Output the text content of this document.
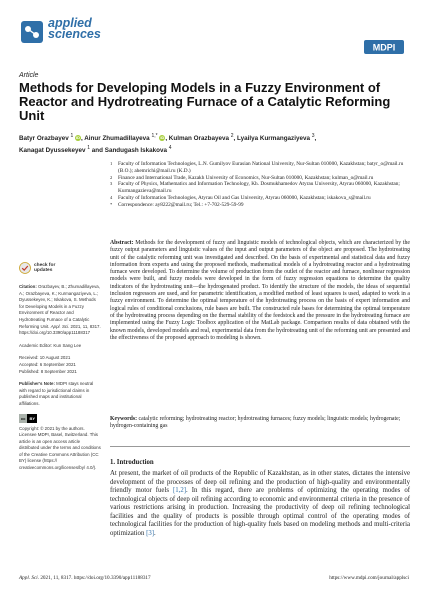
applied
sciences
MDPI
Article
Methods for Developing Models in a Fuzzy Environment of Reactor and Hydrotreating Furnace of a Catalytic Reforming Unit
Batyr Orazbayev $^1$ iD, Ainur Zhumadillayeva $^{1,*}$ iD, Kulman Orazbayeva $^2$, Lyailya Kurmangaziyeva $^3$,
Kanagat Dyussekeyev $^1$ and Sandugash Iskakova $^4$
1	Faculty of Information Technologies, L.N. Gumilyov Eurasian National University, Nur-Sultan 010000, Kazakhstan; batyr_o@mail.ru (B.O.); ahemrichi@mail.ru (K.D.)
2	Finance and International Trade, Kazakh University of Economics, Nur-Sultan 010000, Kazakhstan; kulman_o@mail.ru
3	Faculty of Physics, Mathematics and Information Technology, Kh. Dosmukhamedov Atyrau University, Atyrau 060000, Kazakhstan; Kurmangazieva@mail.ru
4	Faculty of Information Technologies, Atyrau Oil and Gas University, Atyrau 060000, Kazakhstan; iskakova_s@mail.ru
*	Correspondence: ay8222@mail.ru; Tel.: +7-702-529-59-99
check for
updates
Citation: Orazbayev, B.; Zhumadillayeva, A.; Orazbayeva, K.; Kurmangaziyeva, L.; Dyussekeyev, K.; Iskakova, S. Methods for Developing Models in a Fuzzy Environment of Reactor and Hydrotreating Furnace of a Catalytic Reforming Unit. Appl. Sci. 2021, 11, 8317. https://doi.org/10.3390/app11188317
Academic Editor: Kun Sang Lee
Received: 10 August 2021
Accepted: 6 September 2021
Published: 8 September 2021
Publisher's Note: MDPI stays neutral with regard to jurisdictional claims in published maps and institutional affiliations.
cc	BY
Copyright: © 2021 by the authors. Licensee MDPI, Basel, Switzerland. This article is an open access article distributed under the terms and conditions of the Creative Commons Attribution (CC BY) license (https:// creativecommons.org/licenses/by/ 4.0/).
Abstract: Methods for the development of fuzzy and linguistic models of technological objects, which are characterized by the fuzzy output parameters and linguistic values of the input and output parameters of the object are proposed. The hydrotreating unit of the catalytic reforming unit was investigated and described. On the basis of experimental and statistical data and fuzzy information from experts and using the proposed methods, mathematical models of a hydrotreating reactor and a hydrotreating furnace were developed. To determine the volume of production from the outlet of the reactor and furnace, nonlinear regression models were built, and fuzzy models were developed in the form of fuzzy regression equations to determine the quality indicators of the hydrotreating unit—the hydrogenated product. To identify the structure of the models, the ideas of sequential inclusion regressors are used, and for parametric identification, a modified method of least squares is used, adapted to work in a fuzzy environment. To determine the optimal temperature of the hydrotreating process on the basis of expert information and logical rules of conditional conclusions, rule bases are built. The constructed rule bases for determining the optimal temperature of the hydrotreating process depending on the thermal stability of the feedstock and the pressure in the hydrotreating furnace are implemented using the Fuzzy Logic Toolbox application of the MatLab package. Comparison results of data obtained with the known models, developed models and real, experimental data from the hydrotreating unit of the reforming unit are presented and the effectiveness of the proposed approach to modeling is shown.
Keywords: catalytic reforming; hydrotreating reactor; hydrotreating furnaces; fuzzy models; linguistic models; hydrogenate; hydrogen-containing gas
1. Introduction
At present, the market of oil products of the Republic of Kazakhstan, as in other states, dictates the intensive development of the processes of deep oil refining and the production of high-quality and environmentally friendly motor fuels [1,2]. In this regard, there are problems of optimizing the operating modes of technological objects of deep oil refining according to economic and environmental criteria in the presence of various restrictions arising in production. Increasing the productivity of deep oil refining technological facilities and the quality of products is possible through optimal control of the operating modes of technological facilities for the production of high-quality fuels based on modeling methods and multi-criteria optimization [3].
Appl. Sci. 2021, 11, 8317. https://doi.org/10.3390/app11188317	https://www.mdpi.com/journal/applsci
